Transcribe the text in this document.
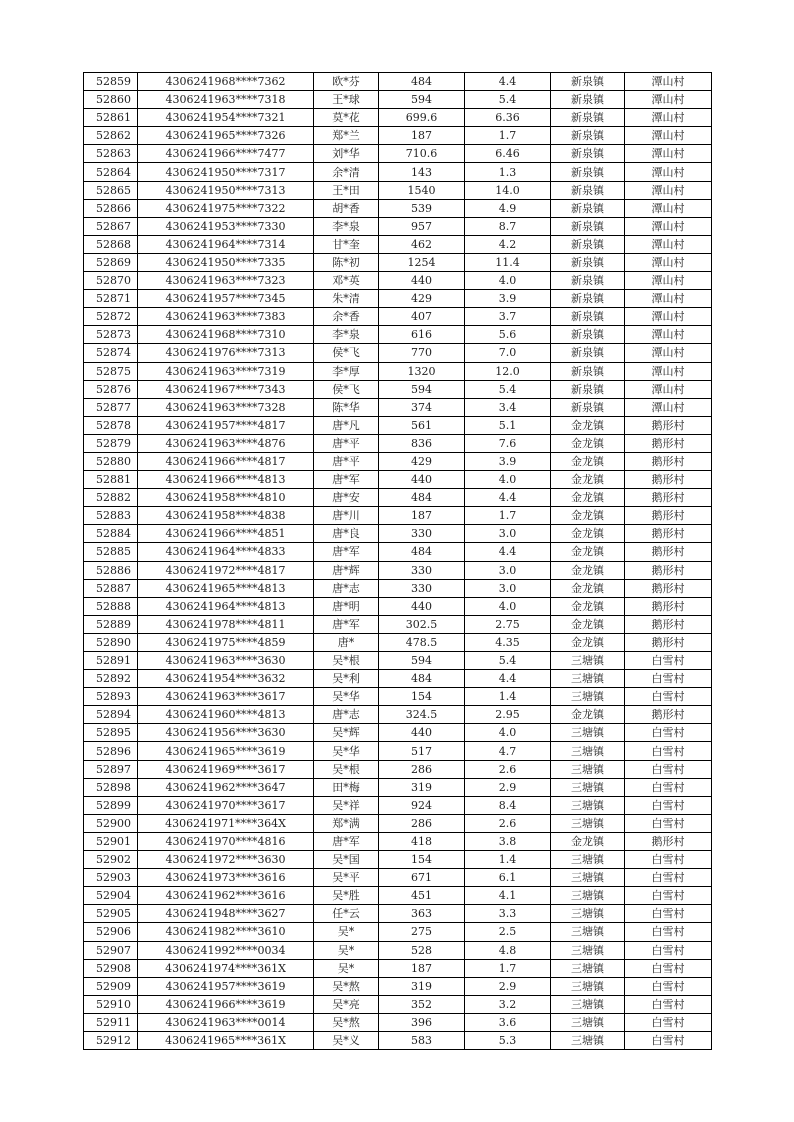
52859	4306241968****7362	欧*芬	484	4.4	新泉镇	潭山村
52860	4306241963****7318	王*球	594	5.4	新泉镇	潭山村
52861	4306241954****7321	莫*花	699.6	6.36	新泉镇	潭山村
52862	4306241965****7326	郑*兰	187	1.7	新泉镇	潭山村
52863	4306241966****7477	刘*华	710.6	6.46	新泉镇	潭山村
52864	4306241950****7317	余*清	143	1.3	新泉镇	潭山村
52865	4306241950****7313	王*田	1540	14.0	新泉镇	潭山村
52866	4306241975****7322	胡*香	539	4.9	新泉镇	潭山村
52867	4306241953****7330	李*泉	957	8.7	新泉镇	潭山村
52868	4306241964****7314	甘*奎	462	4.2	新泉镇	潭山村
52869	4306241950****7335	陈*初	1254	11.4	新泉镇	潭山村
52870	4306241963****7323	邓*英	440	4.0	新泉镇	潭山村
52871	4306241957****7345	朱*清	429	3.9	新泉镇	潭山村
52872	4306241963****7383	余*香	407	3.7	新泉镇	潭山村
52873	4306241968****7310	李*泉	616	5.6	新泉镇	潭山村
52874	4306241976****7313	侯*飞	770	7.0	新泉镇	潭山村
52875	4306241963****7319	李*厚	1320	12.0	新泉镇	潭山村
52876	4306241967****7343	侯*飞	594	5.4	新泉镇	潭山村
52877	4306241963****7328	陈*华	374	3.4	新泉镇	潭山村
52878	4306241957****4817	唐*凡	561	5.1	金龙镇	鹅形村
52879	4306241963****4876	唐*平	836	7.6	金龙镇	鹅形村
52880	4306241966****4817	唐*平	429	3.9	金龙镇	鹅形村
52881	4306241966****4813	唐*军	440	4.0	金龙镇	鹅形村
52882	4306241958****4810	唐*安	484	4.4	金龙镇	鹅形村
52883	4306241958****4838	唐*川	187	1.7	金龙镇	鹅形村
52884	4306241966****4851	唐*良	330	3.0	金龙镇	鹅形村
52885	4306241964****4833	唐*军	484	4.4	金龙镇	鹅形村
52886	4306241972****4817	唐*辉	330	3.0	金龙镇	鹅形村
52887	4306241965****4813	唐*志	330	3.0	金龙镇	鹅形村
52888	4306241964****4813	唐*明	440	4.0	金龙镇	鹅形村
52889	4306241978****4811	唐*军	302.5	2.75	金龙镇	鹅形村
52890	4306241975****4859	唐*	478.5	4.35	金龙镇	鹅形村
52891	4306241963****3630	吴*根	594	5.4	三塘镇	白雪村
52892	4306241954****3632	吴*利	484	4.4	三塘镇	白雪村
52893	4306241963****3617	吴*华	154	1.4	三塘镇	白雪村
52894	4306241960****4813	唐*志	324.5	2.95	金龙镇	鹅形村
52895	4306241956****3630	吴*辉	440	4.0	三塘镇	白雪村
52896	4306241965****3619	吴*华	517	4.7	三塘镇	白雪村
52897	4306241969****3617	吴*根	286	2.6	三塘镇	白雪村
52898	4306241962****3647	田*梅	319	2.9	三塘镇	白雪村
52899	4306241970****3617	吴*祥	924	8.4	三塘镇	白雪村
52900	4306241971****364X	郑*满	286	2.6	三塘镇	白雪村
52901	4306241970****4816	唐*军	418	3.8	金龙镇	鹅形村
52902	4306241972****3630	吴*国	154	1.4	三塘镇	白雪村
52903	4306241973****3616	吴*平	671	6.1	三塘镇	白雪村
52904	4306241962****3616	吴*胜	451	4.1	三塘镇	白雪村
52905	4306241948****3627	任*云	363	3.3	三塘镇	白雪村
52906	4306241982****3610	吴*	275	2.5	三塘镇	白雪村
52907	4306241992****0034	吴*	528	4.8	三塘镇	白雪村
52908	4306241974****361X	吴*	187	1.7	三塘镇	白雪村
52909	4306241957****3619	吴*熬	319	2.9	三塘镇	白雪村
52910	4306241966****3619	吴*亮	352	3.2	三塘镇	白雪村
52911	4306241963****0014	吴*熬	396	3.6	三塘镇	白雪村
52912	4306241965****361X	吴*义	583	5.3	三塘镇	白雪村
